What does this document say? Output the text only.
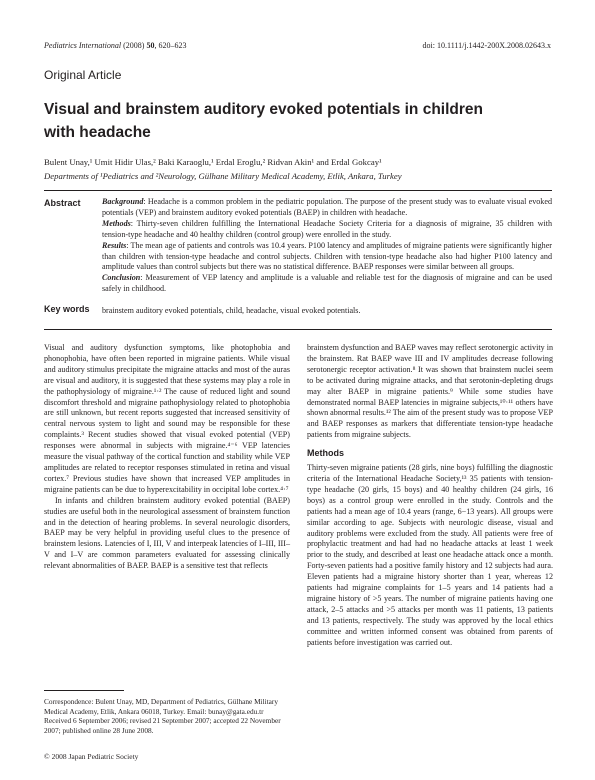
Pediatrics International (2008) 50, 620–623	doi: 10.1111/j.1442-200X.2008.02643.x
Original Article
Visual and brainstem auditory evoked potentials in children with headache
Bulent Unay,¹ Umit Hidir Ulas,² Baki Karaoglu,¹ Erdal Eroglu,² Ridvan Akin¹ and Erdal Gokcay¹
Departments of ¹Pediatrics and ²Neurology, Gülhane Military Medical Academy, Etlik, Ankara, Turkey
Abstract	Background: Headache is a common problem in the pediatric population. The purpose of the present study was to evaluate visual evoked potentials (VEP) and brainstem auditory evoked potentials (BAEP) in children with headache.

Methods: Thirty-seven children fulfilling the International Headache Society Criteria for a diagnosis of migraine, 35 children with tension-type headache and 40 healthy children (control group) were enrolled in the study.

Results: The mean age of patients and controls was 10.4 years. P100 latency and amplitudes of migraine patients were significantly higher than children with tension-type headache and control subjects. Children with tension-type headache also had higher P100 latency and amplitude values than control subjects but there was no statistical difference. BAEP responses were similar between all groups.

Conclusion: Measurement of VEP latency and amplitude is a valuable and reliable test for the diagnosis of migraine and can be used safely in childhood.

Key words brainstem auditory evoked potentials, child, headache, visual evoked potentials.

Visual and auditory dysfunction symptoms, like photophobia and phonophobia, have often been reported in migraine patients. While visual and auditory stimulus precipitate the migraine attacks and most of the auras are visual and auditory, it is suggested that these systems may play a role in the pathophysiology of migraine.¹·² The cause of reduced light and sound discomfort threshold and migraine pathophysiology related to photophobia are still unknown, but recent reports suggested that increased sensitivity of central nervous system to light and sound may be responsible for these complaints.³ Recent studies showed that visual evoked potential (VEP) responses were abnormal in subjects with migraine.⁴⁻⁶ VEP latencies measure the visual pathway of the cortical function and stability while VEP amplitudes are related to receptor responses stimulated in retina and visual cortex.⁷ Previous studies have shown that increased VEP amplitudes in migraine patients can be due to hyperexcitability in occipital lobe cortex.⁴·⁷

In infants and children brainstem auditory evoked potential (BAEP) studies are useful both in the neurological assessment of brainstem function and in the detection of hearing problems. In several neurologic disorders, BAEP may be very helpful in providing useful clues to the presence of brainstem lesions. Latencies of I, III, V and interpeak latencies of I–III, III–V and I–V are common parameters evaluated for assessing clinically relevant abnormalities of BAEP. BAEP is a sensitive test that reflects

brainstem dysfunction and BAEP waves may reflect serotonergic activity in the brainstem. Rat BAEP wave III and IV amplitudes decrease following serotonergic receptor activation.⁸ It was shown that brainstem nuclei seem to be activated during migraine attacks, and that serotonin-depleting drugs may alter BAEP in migraine patients.⁹ While some studies have demonstrated normal BAEP latencies in migraine subjects,¹⁰·¹¹ others have shown abnormal results.¹² The aim of the present study was to propose VEP and BAEP responses as markers that differentiate tension-type headache patients from migraine subjects.

Methods

Thirty-seven migraine patients (28 girls, nine boys) fulfilling the diagnostic criteria of the International Headache Society,¹³ 35 patients with tension-type headache (20 girls, 15 boys) and 40 healthy children (24 girls, 16 boys) as a control group were enrolled in the study. Controls and the patients had a mean age of 10.4 years (range, 6−13 years). All groups were similar according to age. Subjects with neurologic disease, visual and auditory problems were excluded from the study. All patients were free of prophylactic treatment and had had no headache attacks at least 1 week prior to the study, and described at least one headache attack once a month. Forty-seven patients had a positive family history and 12 subjects had aura. Eleven patients had a migraine history shorter than 1 year, whereas 12 patients had migraine complaints for 1–5 years and 14 patients had a migraine history of >5 years. The number of migraine patients having one attack, 2–5 attacks and >5 attacks per month was 11 patients, 13 patients and 13 patients, respectively. The study was approved by the local ethics committee and written informed consent was obtained from parents of patients before investigation was carried out.

Correspondence: Bulent Unay, MD, Department of Pediatrics, Gülhane Military Medical Academy, Etlik, Ankara 06018, Turkey. Email: bunay@gata.edu.tr

Received 6 September 2006; revised 21 September 2007; accepted 22 November 2007; published online 28 June 2008.

© 2008 Japan Pediatric Society
